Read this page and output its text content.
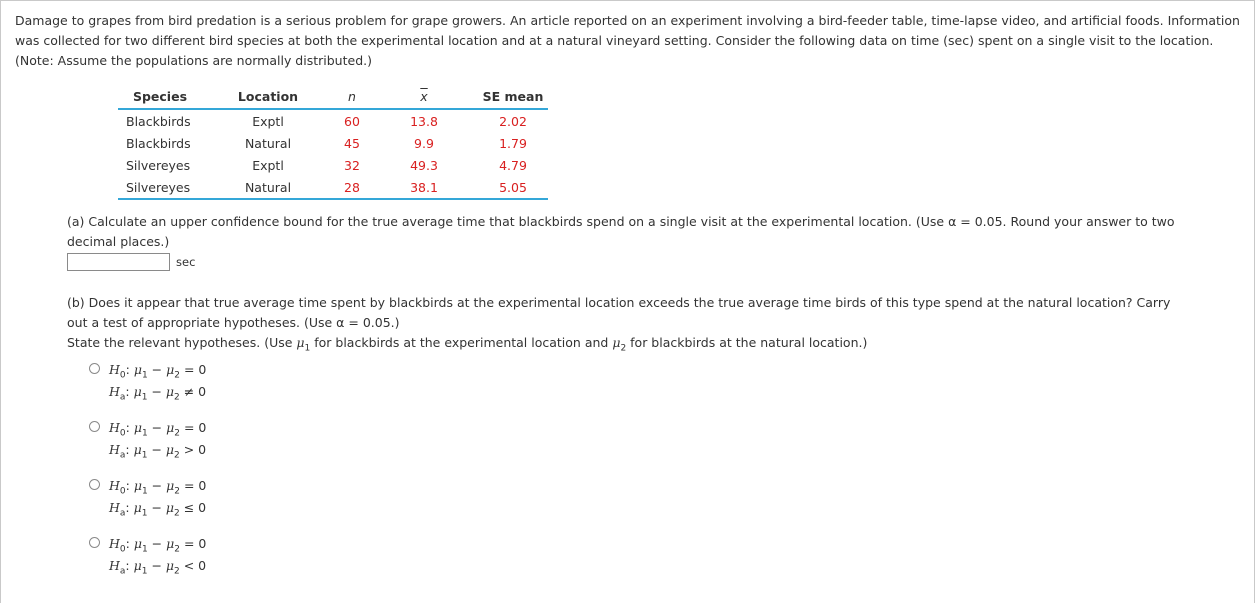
Damage to grapes from bird predation is a serious problem for grape growers. An article reported on an experiment involving a bird-feeder table, time-lapse video, and artificial foods. Information was collected for two different bird species at both the experimental location and at a natural vineyard setting. Consider the following data on time (sec) spent on a single visit to the location. (Note: Assume the populations are normally distributed.)
Species	Location	n	$\overline{x}$	SE mean
Blackbirds	Exptl	60	13.8	2.02
Blackbirds	Natural	45	9.9	1.79
Silvereyes	Exptl	32	49.3	4.79
Silvereyes	Natural	28	38.1	5.05
(a) Calculate an upper confidence bound for the true average time that blackbirds spend on a single visit at the experimental location. (Use α = 0.05. Round your answer to two
decimal places.)
sec
(b) Does it appear that true average time spent by blackbirds at the experimental location exceeds the true average time birds of this type spend at the natural location? Carry
out a test of appropriate hypotheses. (Use α = 0.05.)
State the relevant hypotheses. (Use $\mu_1$ for blackbirds at the experimental location and $\mu_2$ for blackbirds at the natural location.)
$H_0$: $\mu_1 - \mu_2 = 0$
$H_a$: $\mu_1 - \mu_2 \ne 0$
$H_0$: $\mu_1 - \mu_2 = 0$
$H_a$: $\mu_1 - \mu_2 > 0$
$H_0$: $\mu_1 - \mu_2 = 0$
$H_a$: $\mu_1 - \mu_2 \le 0$
$H_0$: $\mu_1 - \mu_2 = 0$
$H_a$: $\mu_1 - \mu_2 < 0$
